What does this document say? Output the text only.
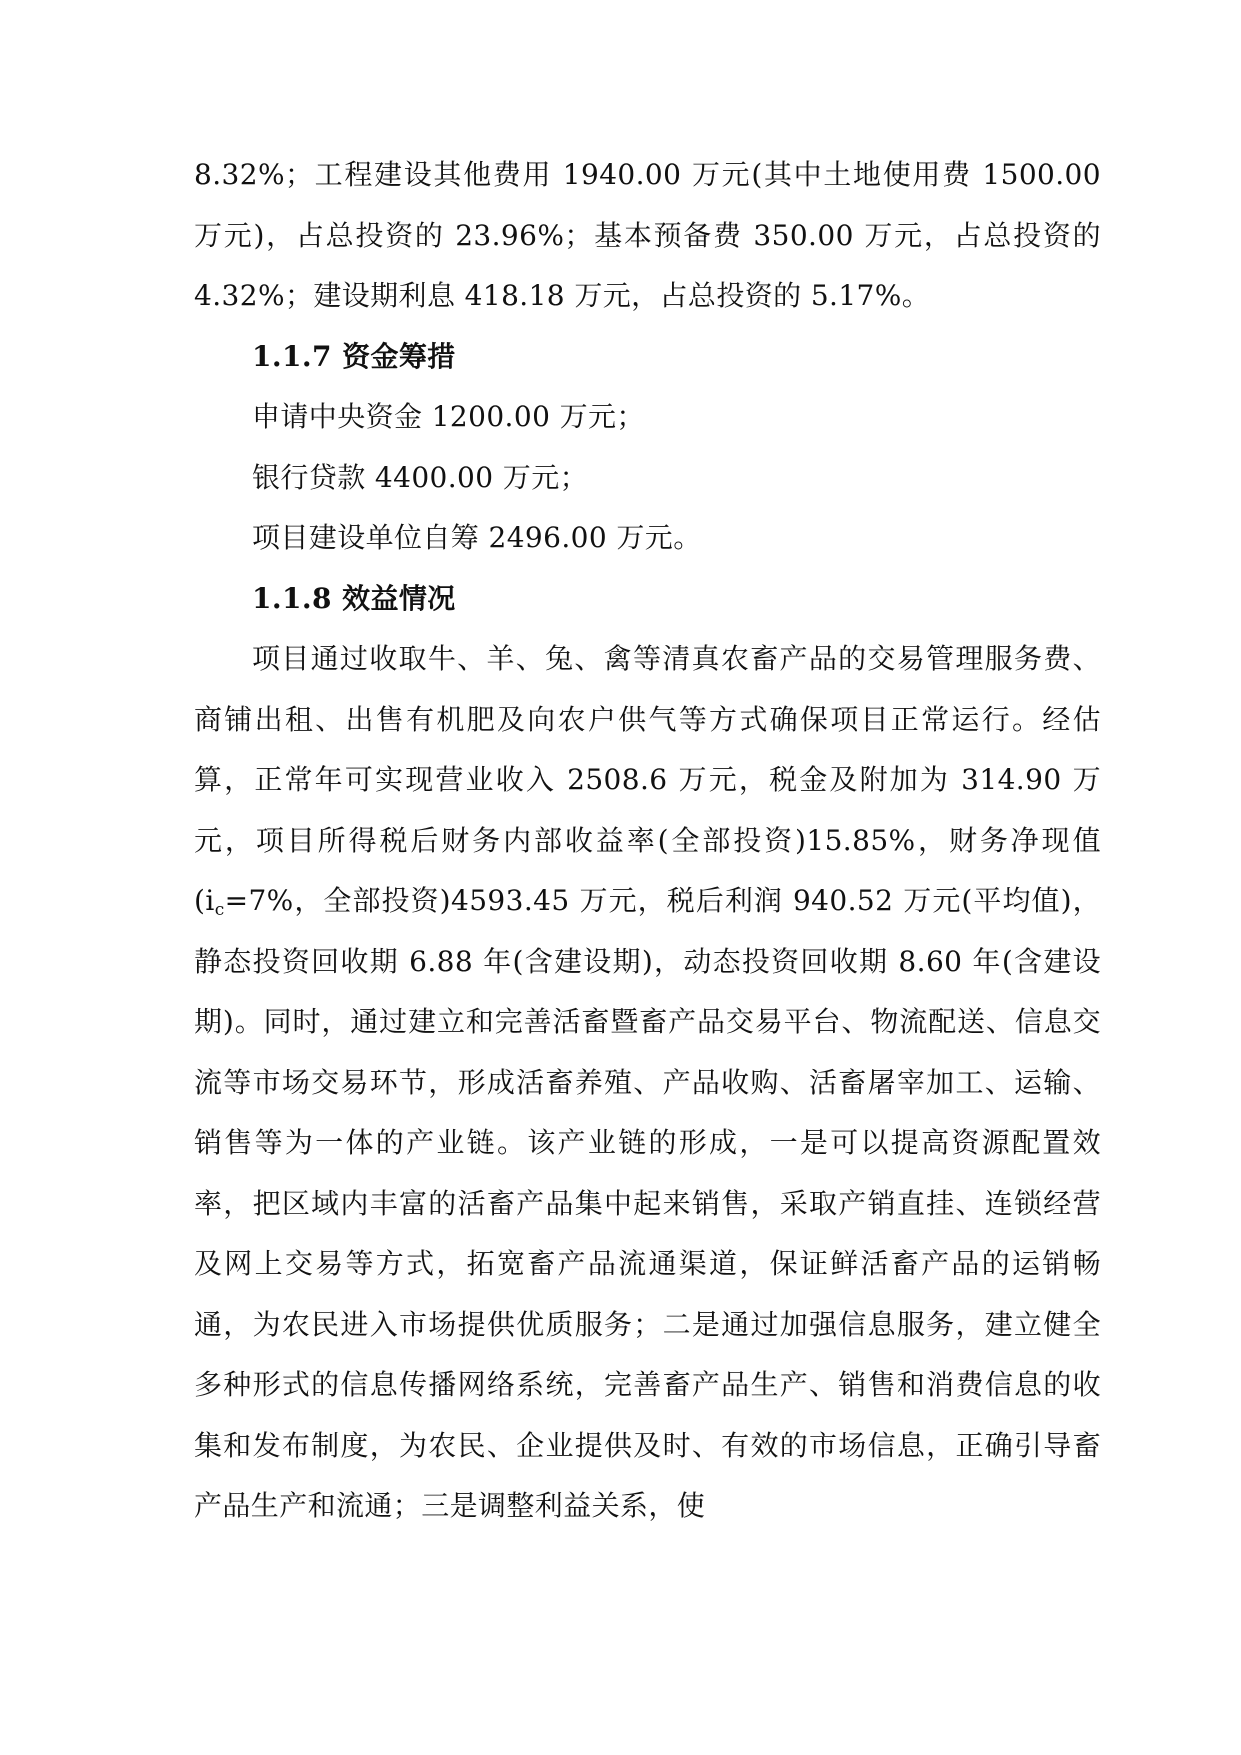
8.32%；工程建设其他费用 1940.00 万元(其中土地使用费 1500.00 万元)，占总投资的 23.96%；基本预备费 350.00 万元，占总投资的 4.32%；建设期利息 418.18 万元，占总投资的 5.17%。

1.1.7 资金筹措

申请中央资金 1200.00 万元；

银行贷款 4400.00 万元；

项目建设单位自筹 2496.00 万元。

1.1.8 效益情况

项目通过收取牛、羊、兔、禽等清真农畜产品的交易管理服务费、商铺出租、出售有机肥及向农户供气等方式确保项目正常运行。经估算，正常年可实现营业收入 2508.6 万元，税金及附加为 314.90 万元，项目所得税后财务内部收益率(全部投资)15.85%，财务净现值($i_c=7\%$，全部投资)4593.45 万元，税后利润 940.52 万元(平均值)，静态投资回收期 6.88 年(含建设期)，动态投资回收期 8.60 年(含建设期)。同时，通过建立和完善活畜暨畜产品交易平台、物流配送、信息交流等市场交易环节，形成活畜养殖、产品收购、活畜屠宰加工、运输、销售等为一体的产业链。该产业链的形成，一是可以提高资源配置效率，把区域内丰富的活畜产品集中起来销售，采取产销直挂、连锁经营及网上交易等方式，拓宽畜产品流通渠道，保证鲜活畜产品的运销畅通，为农民进入市场提供优质服务；二是通过加强信息服务，建立健全多种形式的信息传播网络系统，完善畜产品生产、销售和消费信息的收集和发布制度，为农民、企业提供及时、有效的市场信息，正确引导畜产品生产和流通；三是调整利益关系，使
